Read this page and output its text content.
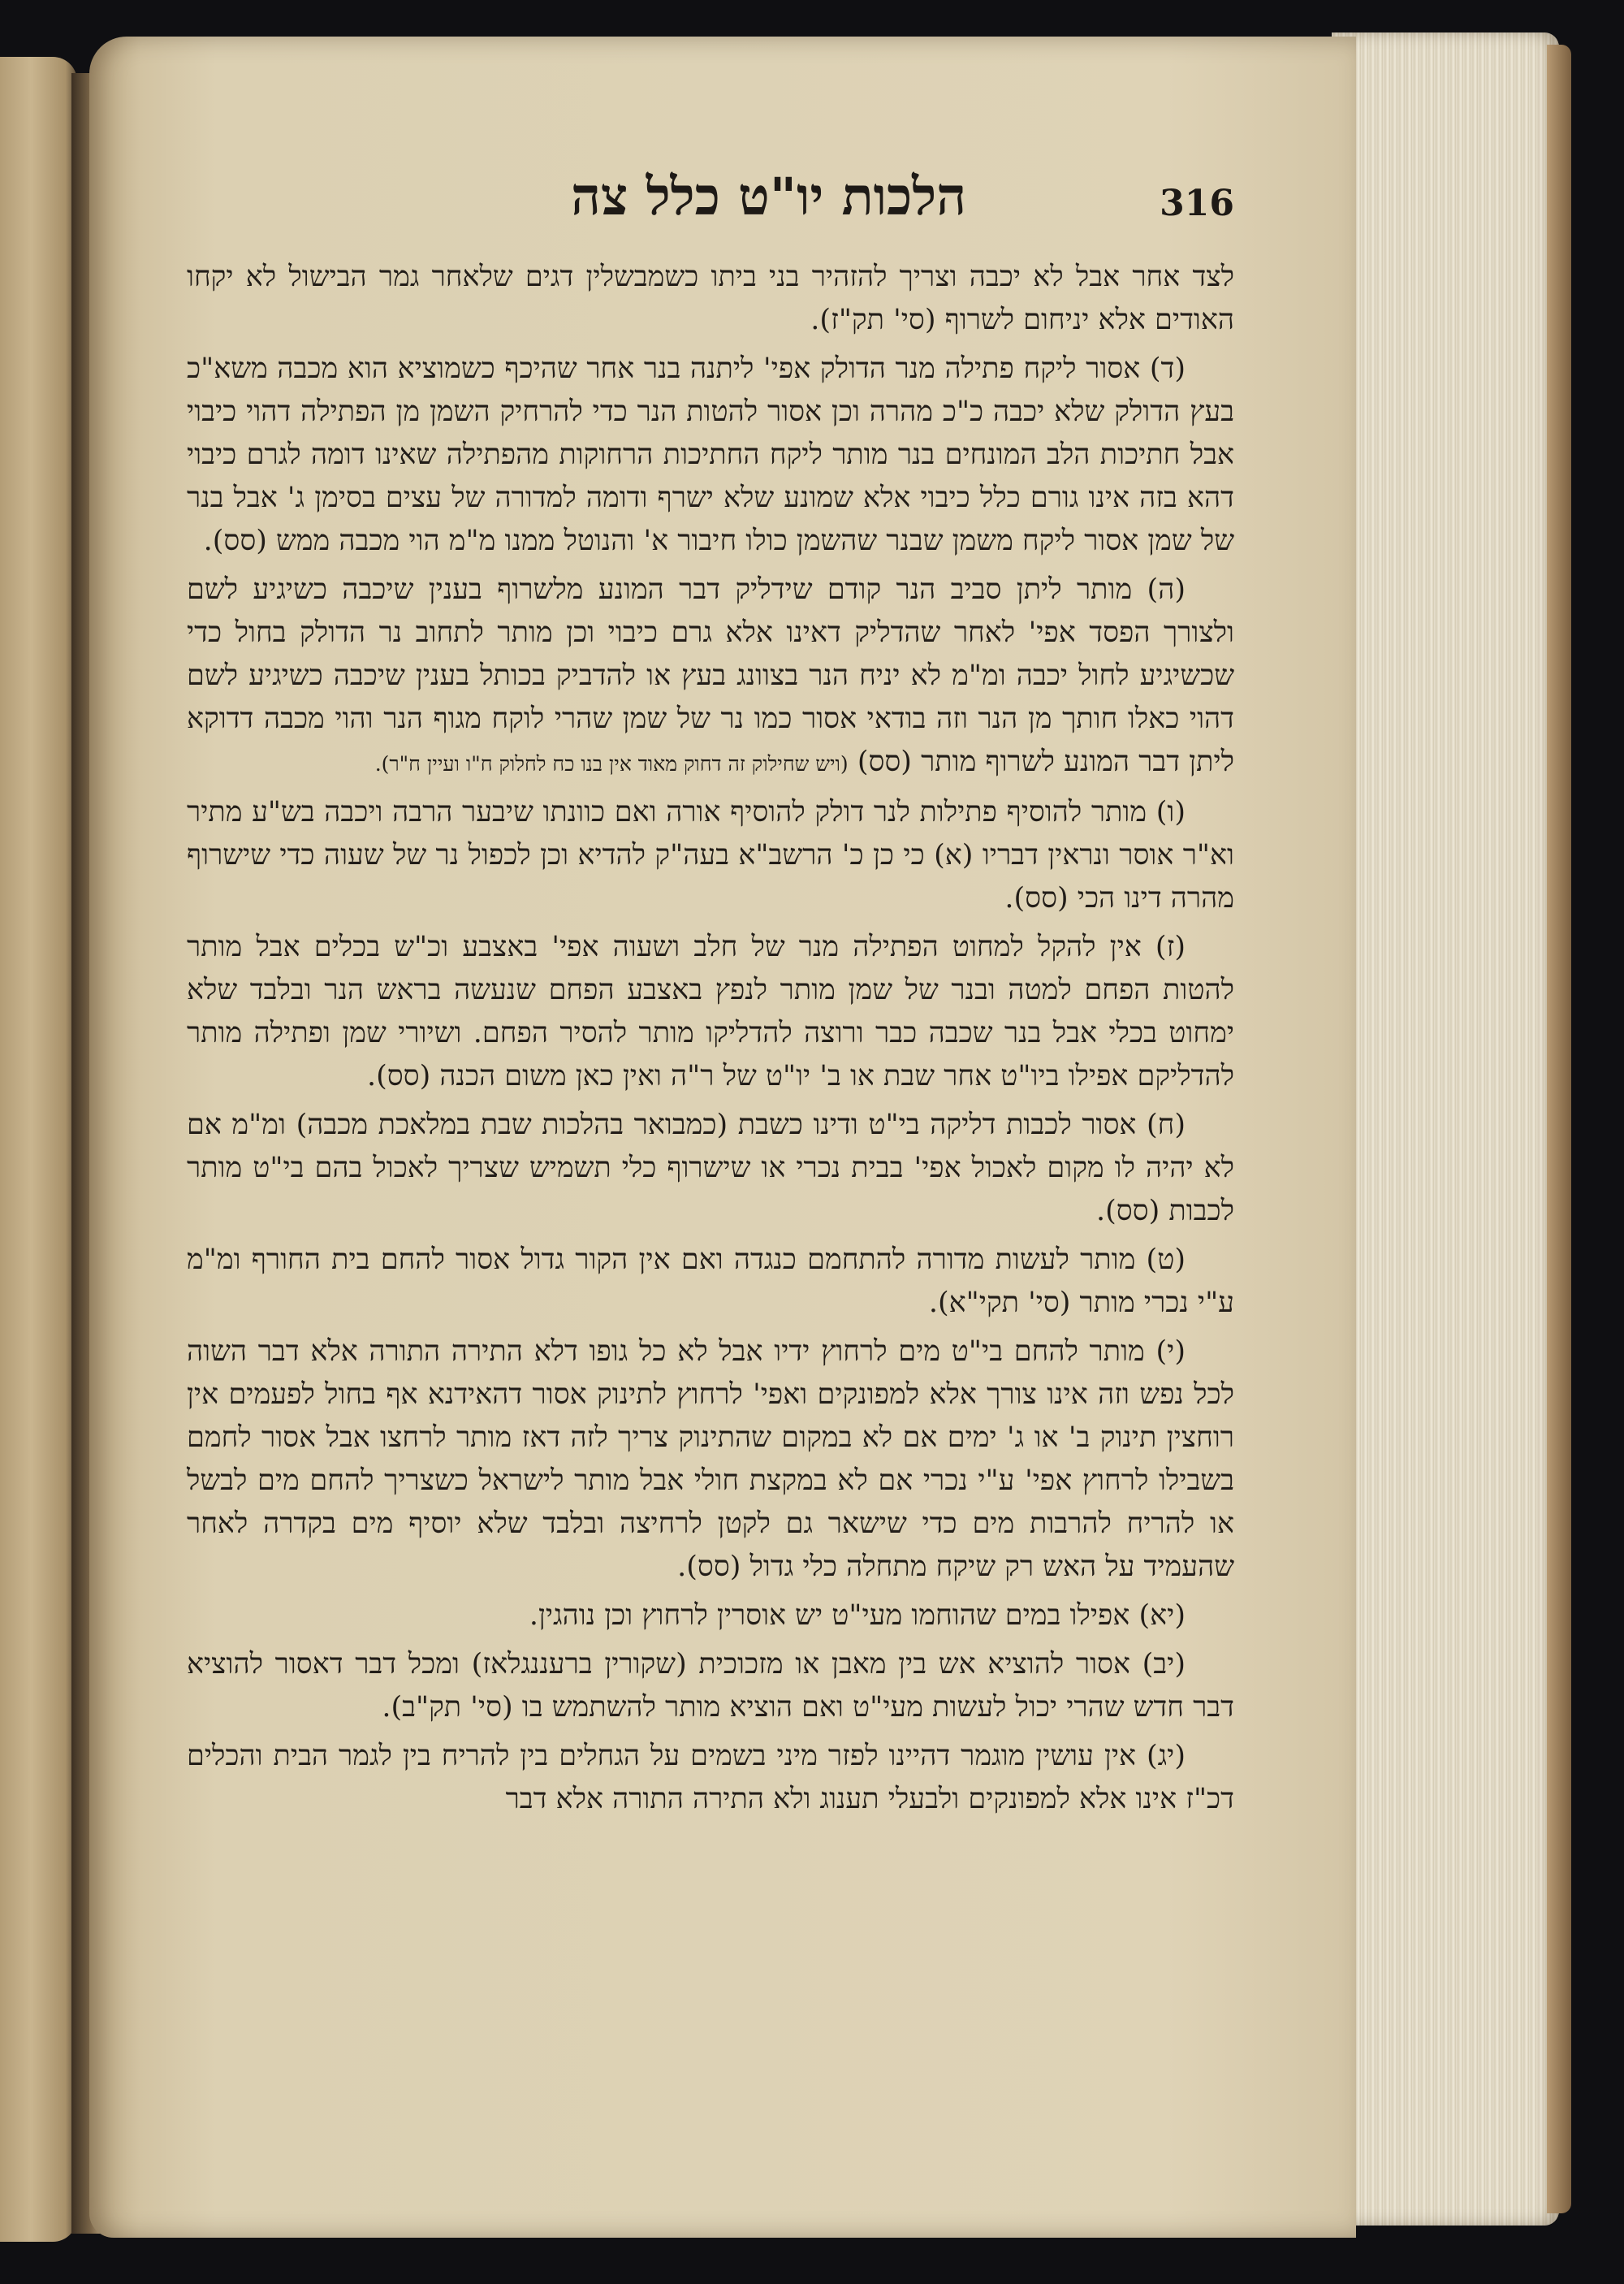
הלכות יו"ט כלל צה	316

לצד אחר אבל לא יכבה וצריך להזהיר בני ביתו כשמבשלין דגים שלאחר גמר הבישול לא יקחו האודים אלא יניחום לשרוף (סי' תק"ז).

(ד) אסור ליקח פתילה מנר הדולק אפי' ליתנה בנר אחר שהיכף כשמוציא הוא מכבה משא"כ בעץ הדולק שלא יכבה כ"כ מהרה וכן אסור להטות הנר כדי להרחיק השמן מן הפתילה דהוי כיבוי אבל חתיכות הלב המונחים בנר מותר ליקח החתיכות הרחוקות מהפתילה שאינו דומה לגרם כיבוי דהא בזה אינו גורם כלל כיבוי אלא שמונע שלא ישרף ודומה למדורה של עצים בסימן ג' אבל בנר של שמן אסור ליקח משמן שבנר שהשמן כולו חיבור א' והנוטל ממנו מ"מ הוי מכבה ממש (סס).

(ה) מותר ליתן סביב הנר קודם שידליק דבר המונע מלשרוף בענין שיכבה כשיגיע לשם ולצורך הפסד אפי' לאחר שהדליק דאינו אלא גרם כיבוי וכן מותר לתחוב נר הדולק בחול כדי שכשיגיע לחול יכבה ומ"מ לא יניח הנר בצוונג בעץ או להדביק בכותל בענין שיכבה כשיגיע לשם דהוי כאלו חותך מן הנר וזה בודאי אסור כמו נר של שמן שהרי לוקח מגוף הנר והוי מכבה דדוקא ליתן דבר המונע לשרוף מותר (סס) (ויש שחילוק זה דחוק מאוד אין בנו כח לחלוק ח"ו ועיין ח"ר).

(ו) מותר להוסיף פתילות לנר דולק להוסיף אורה ואם כוונתו שיבער הרבה ויכבה בש"ע מתיר וא"ר אוסר ונראין דבריו (א) כי כן כ' הרשב"א בעה"ק להדיא וכן לכפול נר של שעוה כדי שישרוף מהרה דינו הכי (סס).

(ז) אין להקל למחוט הפתילה מנר של חלב ושעוה אפי' באצבע וכ"ש בכלים אבל מותר להטות הפחם למטה ובנר של שמן מותר לנפץ באצבע הפחם שנעשה בראש הנר ובלבד שלא ימחוט בכלי אבל בנר שכבה כבר ורוצה להדליקו מותר להסיר הפחם. ושיורי שמן ופתילה מותר להדליקם אפילו ביו"ט אחר שבת או ב' יו"ט של ר"ה ואין כאן משום הכנה (סס).

(ח) אסור לכבות דליקה בי"ט ודינו כשבת (כמבואר בהלכות שבת במלאכת מכבה) ומ"מ אם לא יהיה לו מקום לאכול אפי' בבית נכרי או שישרוף כלי תשמיש שצריך לאכול בהם בי"ט מותר לכבות (סס).

(ט) מותר לעשות מדורה להתחמם כנגדה ואם אין הקור גדול אסור להחם בית החורף ומ"מ ע"י נכרי מותר (סי' תקי"א).

(י) מותר להחם בי"ט מים לרחוץ ידיו אבל לא כל גופו דלא התירה התורה אלא דבר השוה לכל נפש וזה אינו צורך אלא למפונקים ואפי' לרחוץ לתינוק אסור דהאידנא אף בחול לפעמים אין רוחצין תינוק ב' או ג' ימים אם לא במקום שהתינוק צריך לזה דאז מותר לרחצו אבל אסור לחמם בשבילו לרחוץ אפי' ע"י נכרי אם לא במקצת חולי אבל מותר לישראל כשצריך להחם מים לבשל או להריח להרבות מים כדי שישאר גם לקטן לרחיצה ובלבד שלא יוסיף מים בקדרה לאחר שהעמיד על האש רק שיקח מתחלה כלי גדול (סס).

(יא) אפילו במים שהוחמו מעי"ט יש אוסרין לרחוץ וכן נוהגין.

(יב) אסור להוציא אש בין מאבן או מזכוכית (שקורין ברעננגלאז) ומכל דבר דאסור להוציא דבר חדש שהרי יכול לעשות מעי"ט ואם הוציא מותר להשתמש בו (סי' תק"ב).

(יג) אין עושין מוגמר דהיינו לפזר מיני בשמים על הגחלים בין להריח בין לגמר הבית והכלים דכ"ז אינו אלא למפונקים ולבעלי תענוג ולא התירה התורה אלא דבר
